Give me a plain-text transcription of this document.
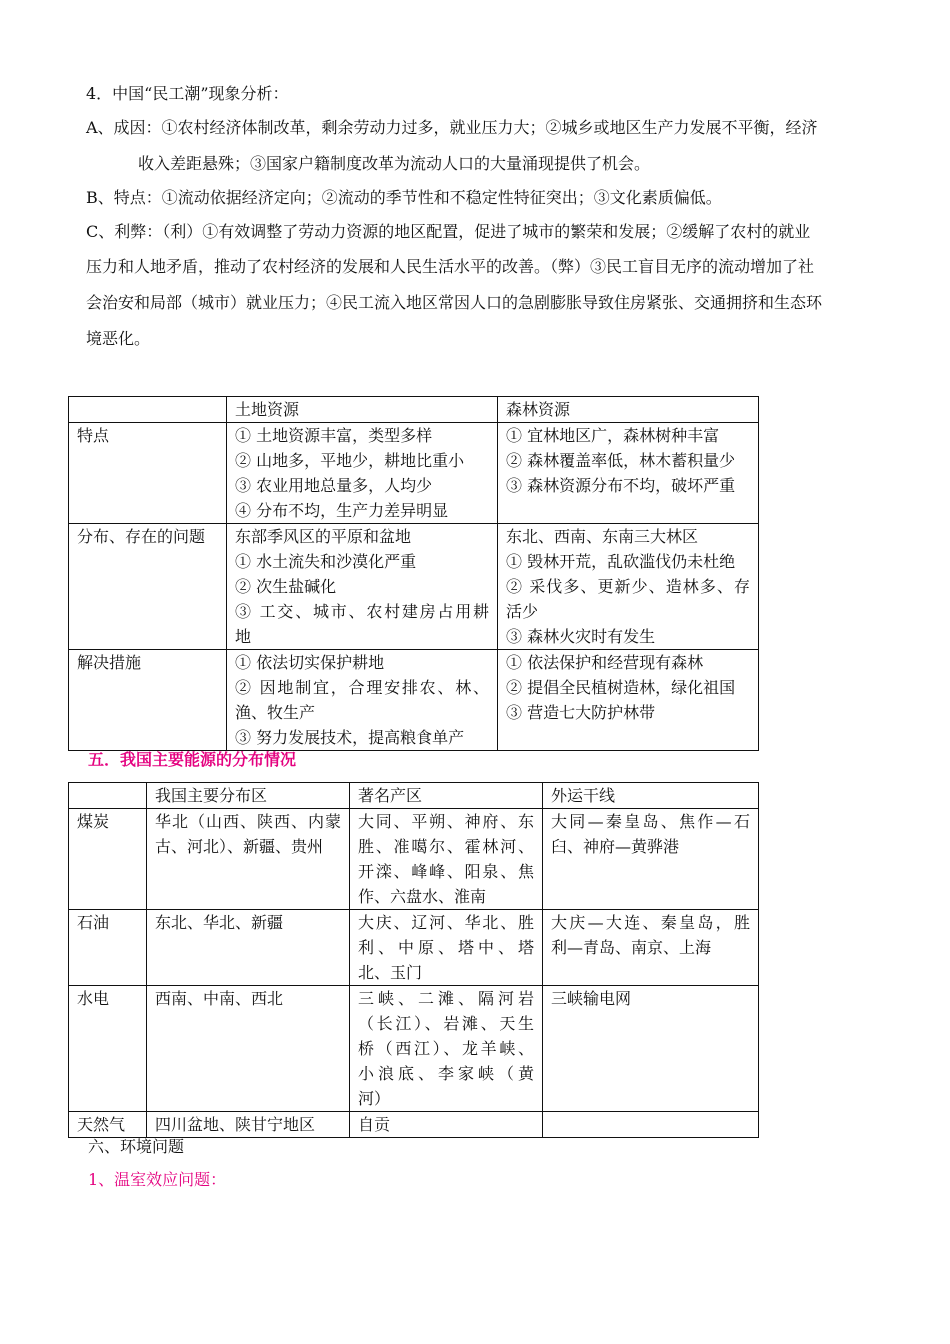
4．中国“民工潮”现象分析：
A、成因：①农村经济体制改革，剩余劳动力过多，就业压力大；②城乡或地区生产力发展不平衡，经济
收入差距悬殊；③国家户籍制度改革为流动人口的大量涌现提供了机会。
B、特点：①流动依据经济定向；②流动的季节性和不稳定性特征突出；③文化素质偏低。
C、利弊：（利）①有效调整了劳动力资源的地区配置，促进了城市的繁荣和发展；②缓解了农村的就业
压力和人地矛盾，推动了农村经济的发展和人民生活水平的改善。（弊）③民工盲目无序的流动增加了社
会治安和局部（城市）就业压力；④民工流入地区常因人口的急剧膨胀导致住房紧张、交通拥挤和生态环
境恶化。
	土地资源	森林资源
特点	① 土地资源丰富，类型多样
② 山地多，平地少，耕地比重小
③ 农业用地总量多，人均少
④ 分布不均，生产力差异明显	① 宜林地区广，森林树种丰富
② 森林覆盖率低，林木蓄积量少
③ 森林资源分布不均，破坏严重

分布、存在的问题	东部季风区的平原和盆地
① 水土流失和沙漠化严重
② 次生盐碱化
③ 工交、城市、农村建房占用耕
地	东北、西南、东南三大林区
① 毁林开荒，乱砍滥伐仍未杜绝
② 采伐多、更新少、造林多、存
活少
③ 森林火灾时有发生

解决措施	① 依法切实保护耕地
② 因地制宜，合理安排农、林、
渔、牧生产
③ 努力发展技术，提高粮食单产	① 依法保护和经营现有森林
② 提倡全民植树造林，绿化祖国
③ 营造七大防护林带
五．我国主要能源的分布情况
	我国主要分布区	著名产区	外运干线
煤炭	华北（山西、陕西、内蒙
古、河北）、新疆、贵州	大同、平朔、神府、东
胜、准噶尔、霍林河、
开滦、峰峰、阳泉、焦
作、六盘水、淮南	大同—秦皇岛、焦作—石
臼、神府—黄骅港

石油	东北、华北、新疆	大庆、辽河、华北、胜
利、中原、塔中、塔
北、玉门	大庆—大连、秦皇岛，胜
利—青岛、南京、上海

水电	西南、中南、西北	三峡、二滩、隔河岩
（长江）、岩滩、天生
桥（西江）、龙羊峡、
小浪底、李家峡（黄
河）	三峡输电网

天然气	四川盆地、陕甘宁地区	自贡	

六、环境问题
1、温室效应问题：
